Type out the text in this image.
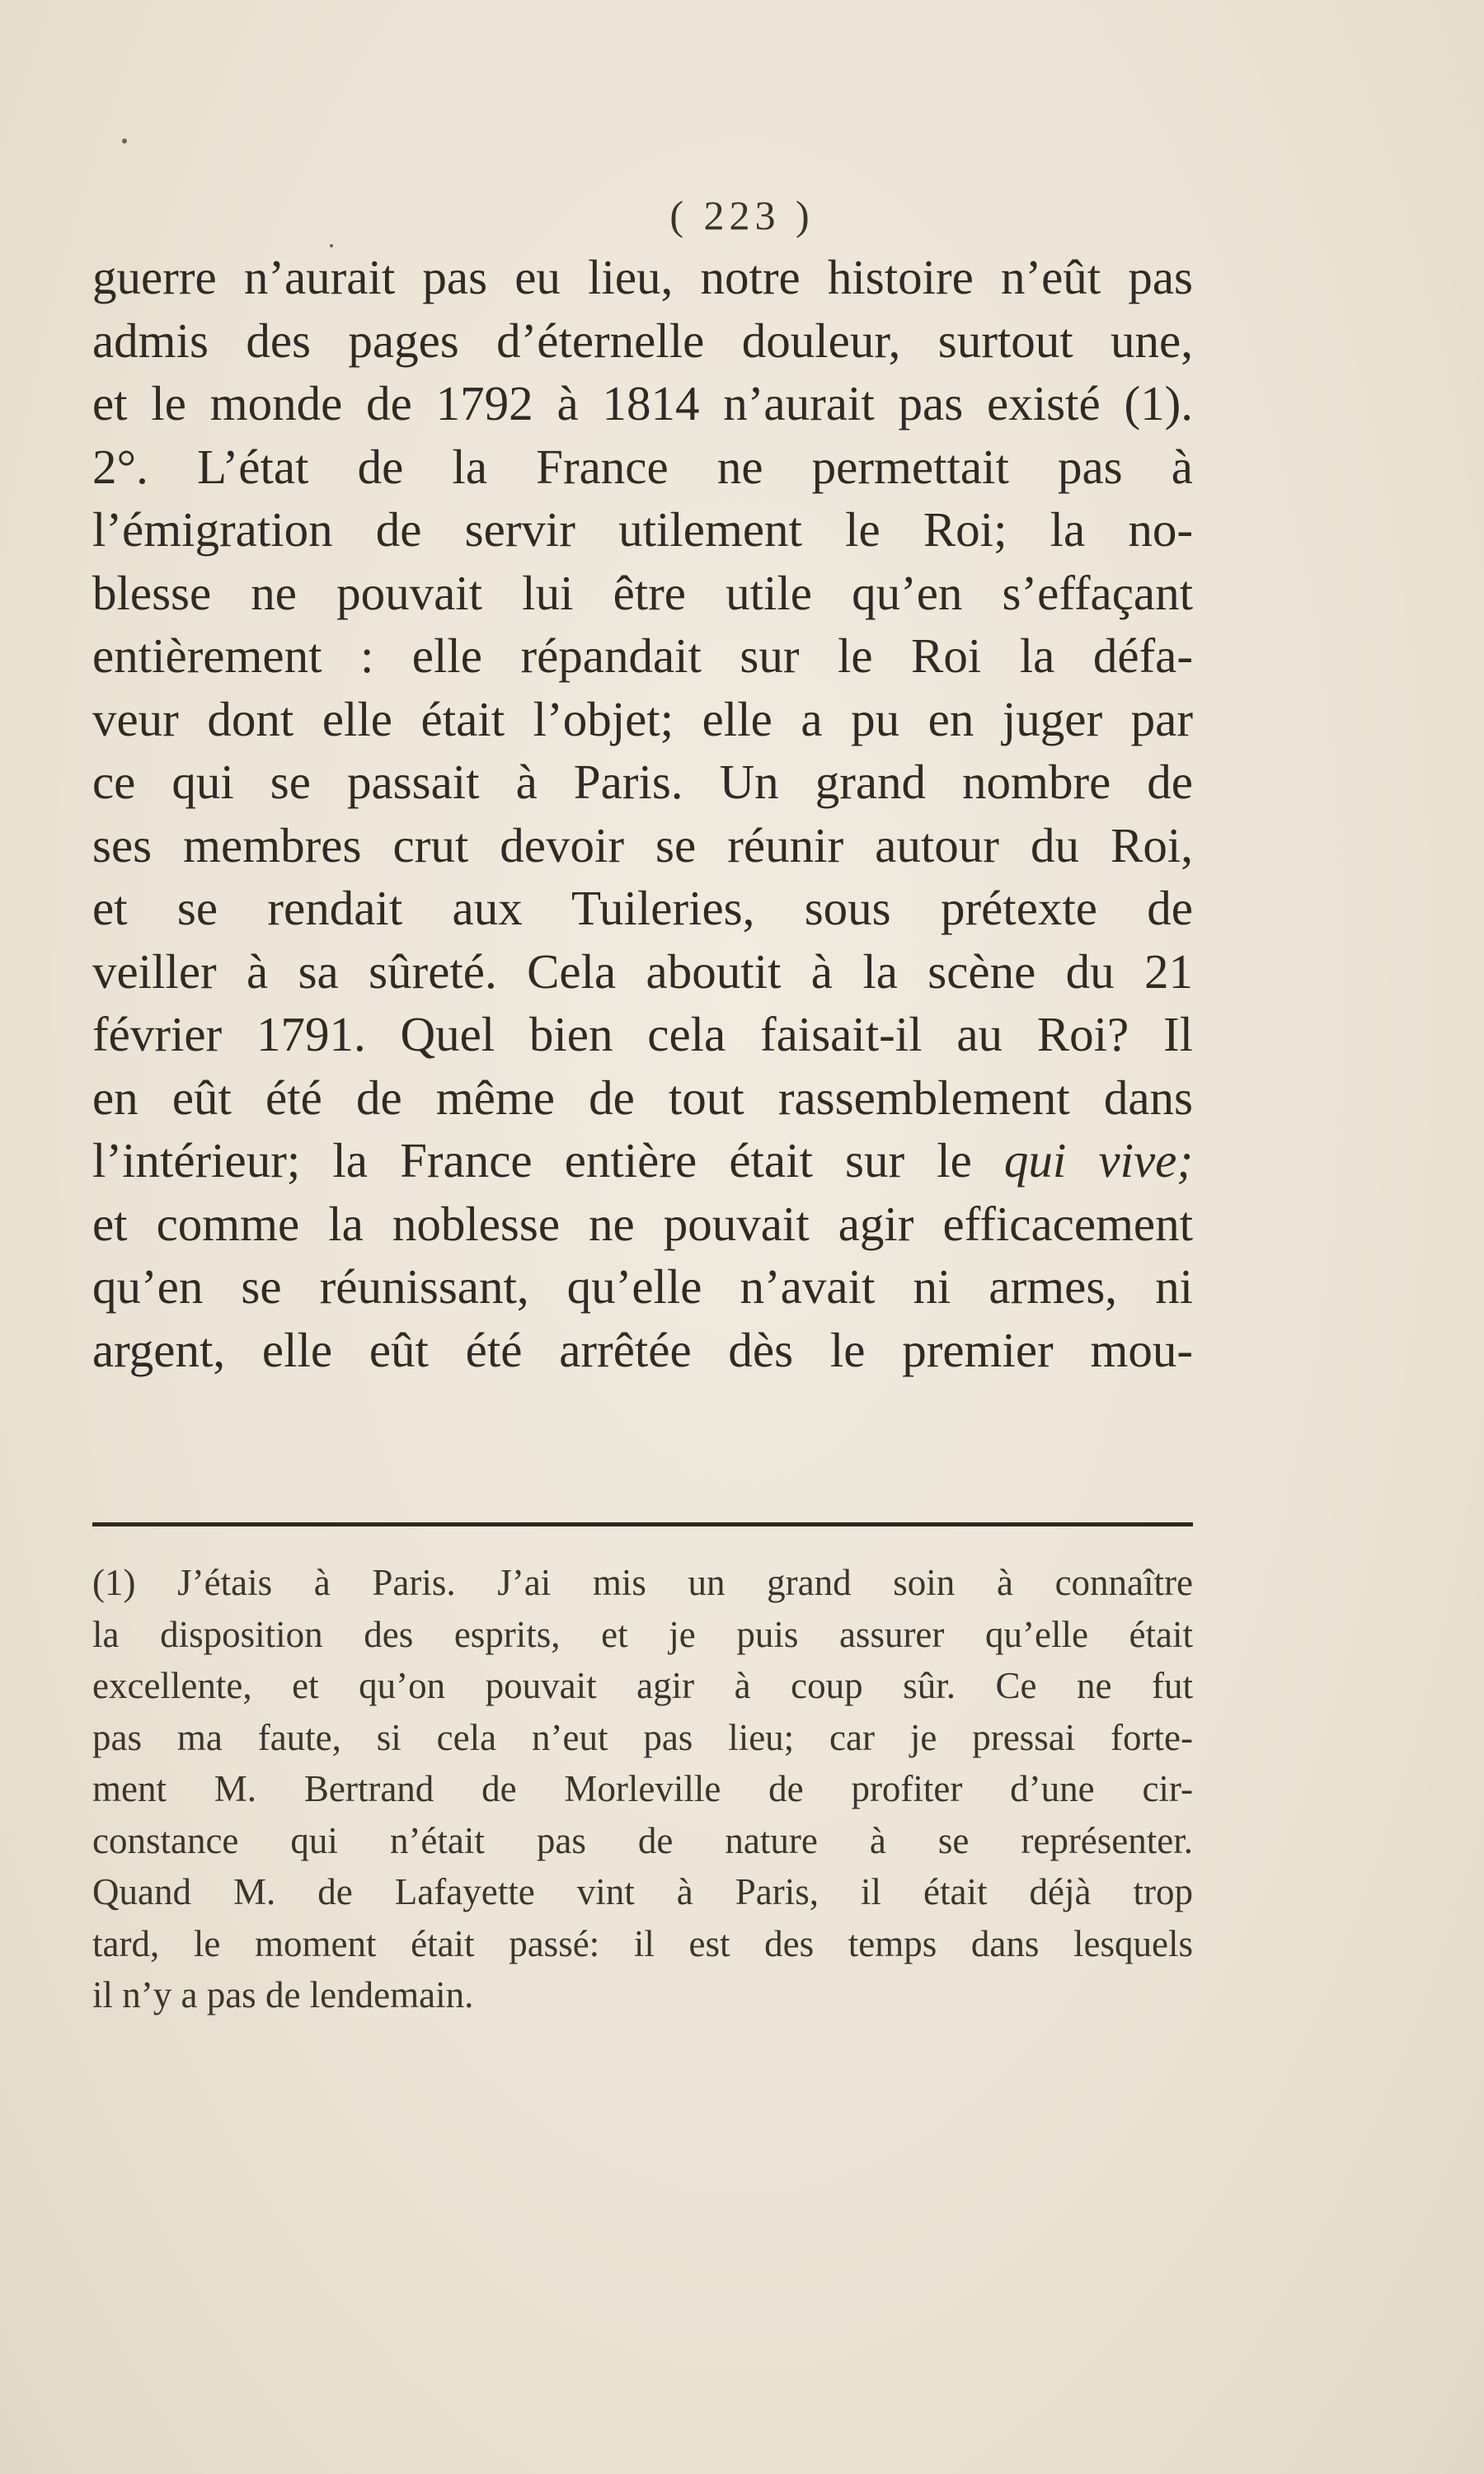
( 223 )
guerre n’aurait pas eu lieu, notre histoire n’eût pas
admis des pages d’éternelle douleur, surtout une,
et le monde de 1792 à 1814 n’aurait pas existé (1).
2°. L’état de la France ne permettait pas à
l’émigration de servir utilement le Roi; la no-
blesse ne pouvait lui être utile qu’en s’effaçant
entièrement : elle répandait sur le Roi la défa-
veur dont elle était l’objet; elle a pu en juger par
ce qui se passait à Paris. Un grand nombre de
ses membres crut devoir se réunir autour du Roi,
et se rendait aux Tuileries, sous prétexte de
veiller à sa sûreté. Cela aboutit à la scène du 21
février 1791. Quel bien cela faisait-il au Roi? Il
en eût été de même de tout rassemblement dans
l’intérieur; la France entière était sur le qui vive;
et comme la noblesse ne pouvait agir efficacement
qu’en se réunissant, qu’elle n’avait ni armes, ni
argent, elle eût été arrêtée dès le premier mou-
(1) J’étais à Paris. J’ai mis un grand soin à connaître
la disposition des esprits, et je puis assurer qu’elle était
excellente, et qu’on pouvait agir à coup sûr. Ce ne fut
pas ma faute, si cela n’eut pas lieu; car je pressai forte-
ment M. Bertrand de Morleville de profiter d’une cir-
constance qui n’était pas de nature à se représenter.
Quand M. de Lafayette vint à Paris, il était déjà trop
tard, le moment était passé: il est des temps dans lesquels
il n’y a pas de lendemain.
